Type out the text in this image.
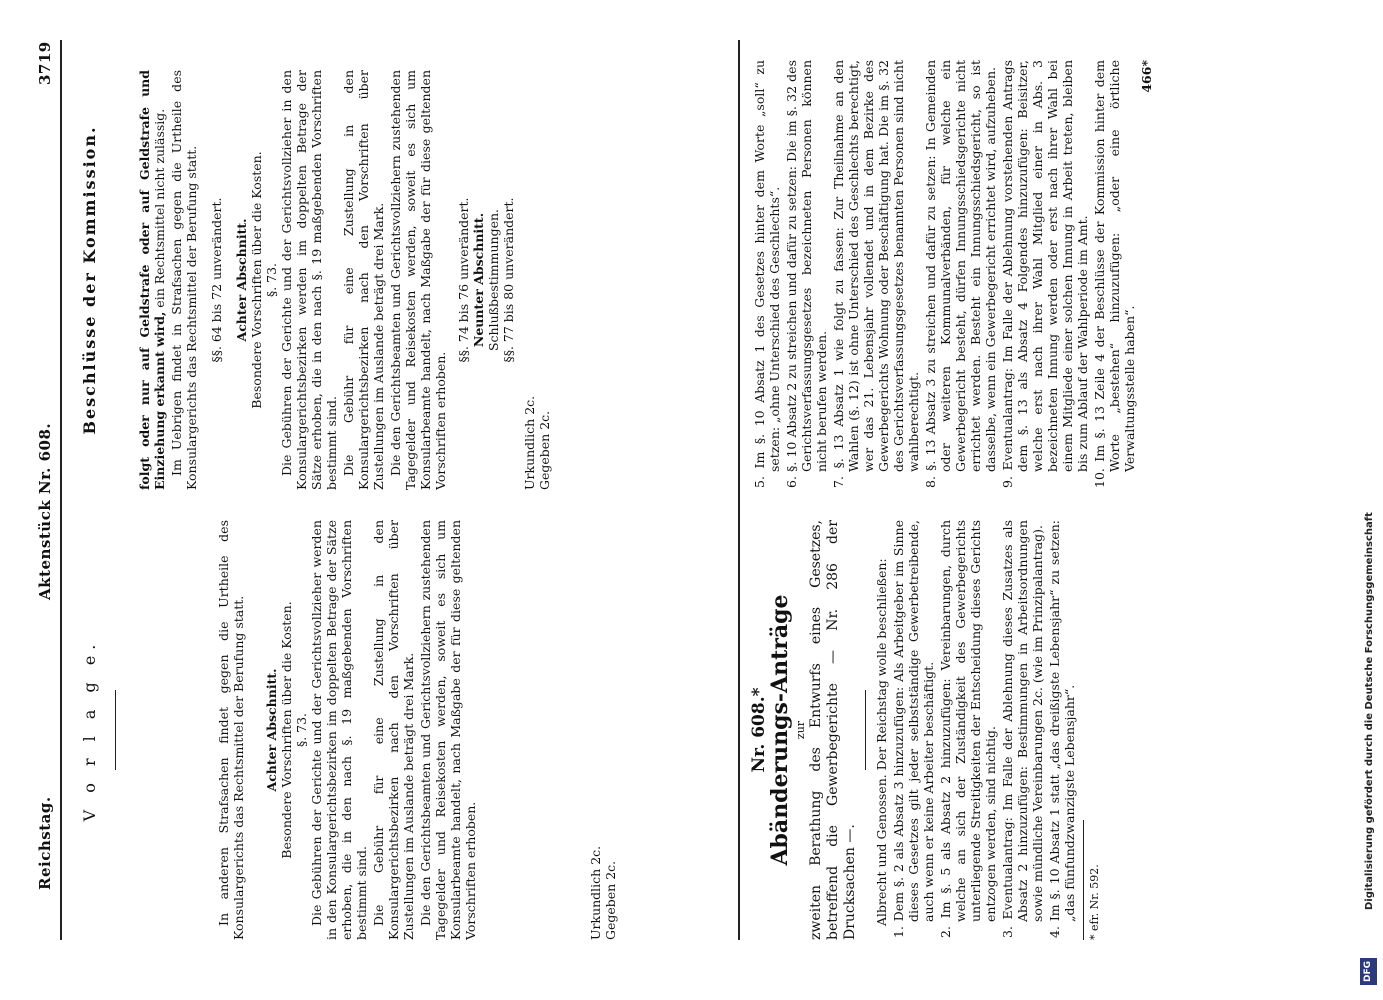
Reichstag.
Aktenstück Nr. 608.
3719
V o r l a g e.	In anderen Strafsachen findet gegen die Urtheile des Konsulargerichts das Rechtsmittel der Berufung statt. Achter Abschnitt. Besondere Vorschriften über die Kosten. §. 73. Die Gebühren der Gerichte und der Gerichtsvollzieher werden in den Konsulargerichtsbezirken im doppelten Betrage der Sätze erhoben, die in den nach §. 19 maßgebenden Vorschriften bestimmt sind. Die Gebühr für eine Zustellung in den Konsulargerichtsbezirken nach den Vorschriften über Zustellungen im Auslande beträgt drei Mark. Die den Gerichtsbeamten und Gerichtsvollziehern zustehenden Tagegelder und Reisekosten werden, soweit es sich um Konsularbeamte handelt, nach Maßgabe der für diese geltenden Vorschriften erhoben.	Urkundlich 2c. Gegeben 2c.
Beschlüsse der Kommission.	folgt oder nur auf Geldstrafe oder auf Geldstrafe und Einziehung erkannt wird, ein Rechtsmittel nicht zulässig. Im Uebrigen findet in Strafsachen gegen die Urtheile des Konsulargerichts das Rechtsmittel der Berufung statt. §§. 64 bis 72 unverändert. Achter Abschnitt. Besondere Vorschriften über die Kosten. §. 73. Die Gebühren der Gerichte und der Gerichtsvollzieher in den Konsulargerichtsbezirken werden im doppelten Betrage der Sätze erhoben, die in den nach §. 19 maßgebenden Vorschriften bestimmt sind. Die Gebühr für eine Zustellung in den Konsulargerichtsbezirken nach den Vorschriften über Zustellungen im Auslande beträgt drei Mark. Die den Gerichtsbeamten und Gerichtsvollziehern zustehenden Tagegelder und Reisekosten werden, soweit es sich um Konsularbeamte handelt, nach Maßgabe der für diese geltenden Vorschriften erhoben.

§§. 74 bis 76 unverändert. Neunter Abschnitt. Schlußbestimmungen. §§. 77 bis 80 unverändert.
Urkundlich 2c. Gegeben 2c.
Nr. 608.*
Abänderungs-Anträge zur zweiten Berathung des Entwurfs eines Gesetzes, betreffend die Gewerbegerichte — Nr. 286 der Drucksachen —. Albrecht und Genossen. Der Reichstag wolle beschließen: 1. Dem §. 2 als Absatz 3 hinzuzufügen: Als Arbeitgeber im Sinne dieses Gesetzes gilt jeder selbstständige Gewerbetreibende, auch wenn er keine Arbeiter beschäftigt. 2. Im §. 5 als Absatz 2 hinzuzufügen: Vereinbarungen, durch welche an sich der Zuständigkeit des Gewerbegerichts unterliegende Streitigkeiten der Entscheidung dieses Gerichts entzogen werden, sind nichtig. 3. Eventualantrag: Im Falle der Ablehnung dieses Zusatzes als Absatz 2 hinzuzufügen: Bestimmungen in Arbeitsordnungen sowie mündliche Vereinbarungen 2c. (wie im Prinzipalantrag). 4. Im §. 10 Absatz 1 statt „das dreißigste Lebensjahr“ zu setzen: „das fünfundzwanzigste Lebensjahr“. * efr. Nr. 592.

5. Im §. 10 Absatz 1 des Gesetzes hinter dem Worte „soll“ zu setzen: „ohne Unterschied des Geschlechts“. 6. §. 10 Absatz 2 zu streichen und dafür zu setzen: Die im §. 32 des Gerichtsverfassungsgesetzes bezeichneten Personen können nicht berufen werden. 7. §. 13 Absatz 1 wie folgt zu fassen: Zur Theilnahme an den Wahlen (§. 12) ist ohne Unterschied des Geschlechts berechtigt, wer das 21. Lebensjahr vollendet und in dem Bezirke des Gewerbegerichts Wohnung oder Beschäftigung hat. Die im §. 32 des Gerichtsverfassungsgesetzes benannten Personen sind nicht wahlberechtigt. 8. §. 13 Absatz 3 zu streichen und dafür zu setzen: In Gemeinden oder weiteren Kommunalverbänden, für welche ein Gewerbegericht besteht, dürfen Innungsschiedsgerichte nicht errichtet werden. Besteht ein Innungsschiedsgericht, so ist dasselbe, wenn ein Gewerbegericht errichtet wird, aufzuheben. 9. Eventualantrag: Im Falle der Ablehnung vorstehenden Antrags dem §. 13 als Absatz 4 Folgendes hinzuzufügen: Beisitzer, welche erst nach ihrer Wahl Mitglied einer in Abs. 3 bezeichneten Innung werden oder erst nach ihrer Wahl bei einem Mitgliede einer solchen Innung in Arbeit treten, bleiben bis zum Ablauf der Wahlperiode im Amt. 10. Im §. 13 Zeile 4 der Beschlüsse der Kommission hinter dem Worte „bestehen“ hinzuzufügen: „oder eine örtliche Verwaltungsstelle haben“.

466*
Digitalisierung gefördert durch die Deutsche Forschungsgemeinschaft
DFG
